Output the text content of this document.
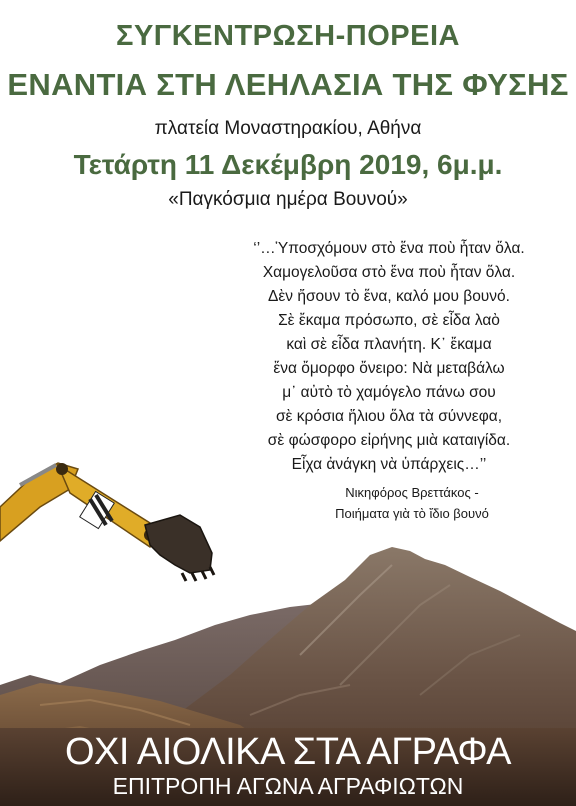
ΣΥΓΚΕΝΤΡΩΣΗ-ΠΟΡΕΙΑ
ΕΝΑΝΤΙΑ ΣΤΗ ΛΕΗΛΑΣΙΑ ΤΗΣ ΦΥΣΗΣ
πλατεία Μοναστηρακίου, Αθήνα
Τετάρτη 11 Δεκέμβρη 2019, 6μ.μ.
«Παγκόσμια ημέρα Βουνού»
‘’…Ὑποσχόμουν στὸ ἕνα ποὺ ἦταν ὅλα.
Χαμογελοῦσα στὸ ἕνα ποὺ ἦταν ὅλα.
Δὲν ἤσουν τὸ ἕνα, καλό μου βουνό.
Σὲ ἔκαμα πρόσωπο, σὲ εἶδα λαὸ
καὶ σὲ εἶδα πλανήτη. Κ᾽ ἔκαμα
ἕνα ὄμορφο ὄνειρο: Νὰ μεταβάλω
μ᾽ αὐτὸ τὸ χαμόγελο πάνω σου
σὲ κρόσια ἥλιου ὅλα τὰ σύννεφα,
σὲ φώσφορο εἰρήνης μιὰ καταιγίδα.
Εἶχα ἀνάγκη νὰ ὑπάρχεις…’’
Νικηφόρος Βρεττάκος -
Ποιήματα γιὰ τὸ ἴδιο βουνό
ΟΧΙ ΑΙΟΛΙΚΑ ΣΤΑ ΑΓΡΑΦΑ
ΕΠΙΤΡΟΠΗ ΑΓΩΝΑ ΑΓΡΑΦΙΩΤΩΝ
